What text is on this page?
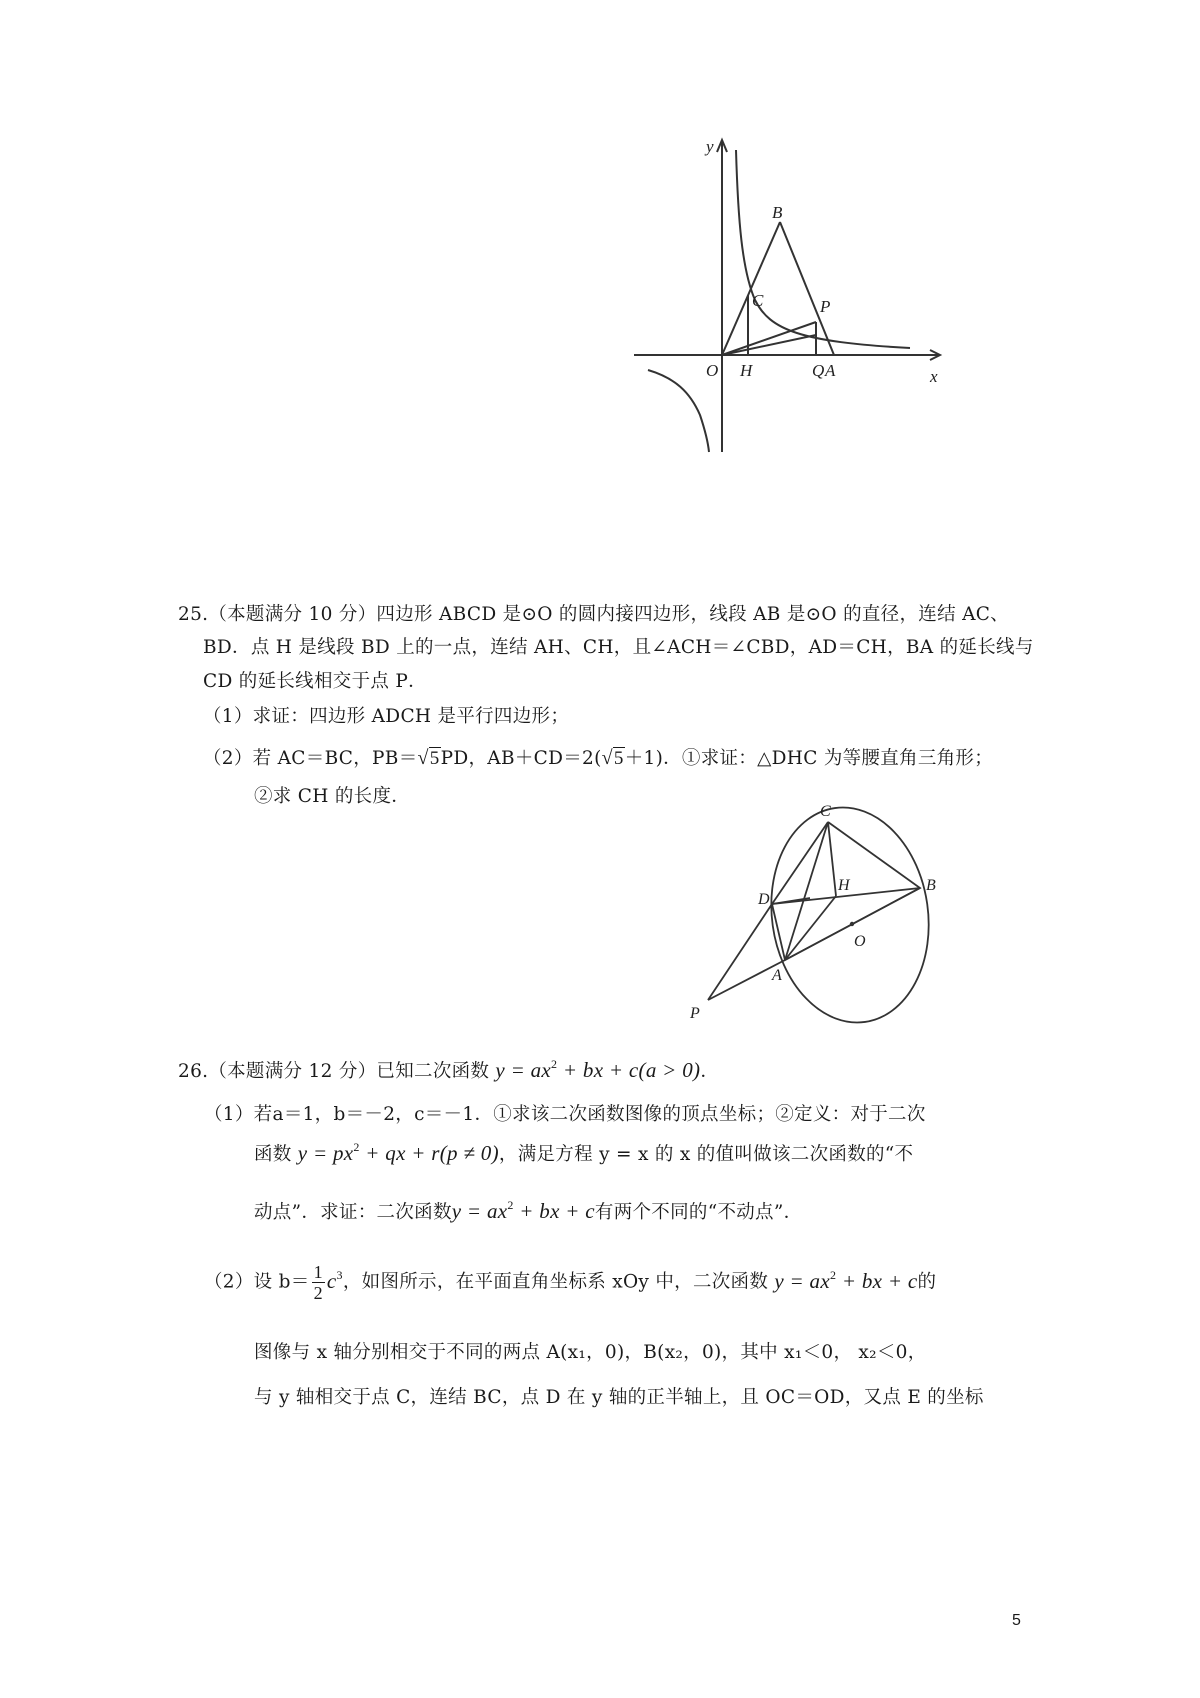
y
x
O H	Q A
B
C	P
25.（本题满分 10 分）四边形 ABCD 是⊙O 的圆内接四边形，线段 AB 是⊙O 的直径，连结 AC、
BD．点 H 是线段 BD 上的一点，连结 AH、CH，且∠ACH＝∠CBD，AD＝CH，BA 的延长线与
CD 的延长线相交于点 P．
（1）求证：四边形 ADCH 是平行四边形；
（2）若 AC＝BC，PB＝√5PD，AB＋CD＝2(√5＋1)．①求证：△DHC 为等腰直角三角形；
②求 CH 的长度．
C
H	B
D
O
A
P
26.（本题满分 12 分）已知二次函数 $y = ax^2$ + bx + c(a > 0)．
（1）若a＝1，b＝－2，c＝－1．①求该二次函数图像的顶点坐标；②定义：对于二次
函数 $y = px^2$ + qx + r(p ≠ 0)，满足方程 y = x 的 x 的值叫做该二次函数的“不
动点”．求证：二次函数$y = ax^2$ + bx + c有两个不同的“不动点”．
（2）设 $b= \frac{1}{2} c^3$，如图所示，在平面直角坐标系 xOy 中，二次函数 $y = ax^2$ + bx + c的
图像与 x 轴分别相交于不同的两点 A(x₁，0)，B(x₂，0)，其中 x₁＜0， x₂＜0，
与 y 轴相交于点 C，连结 BC，点 D 在 y 轴的正半轴上，且 OC＝OD，又点 E 的坐标
5
